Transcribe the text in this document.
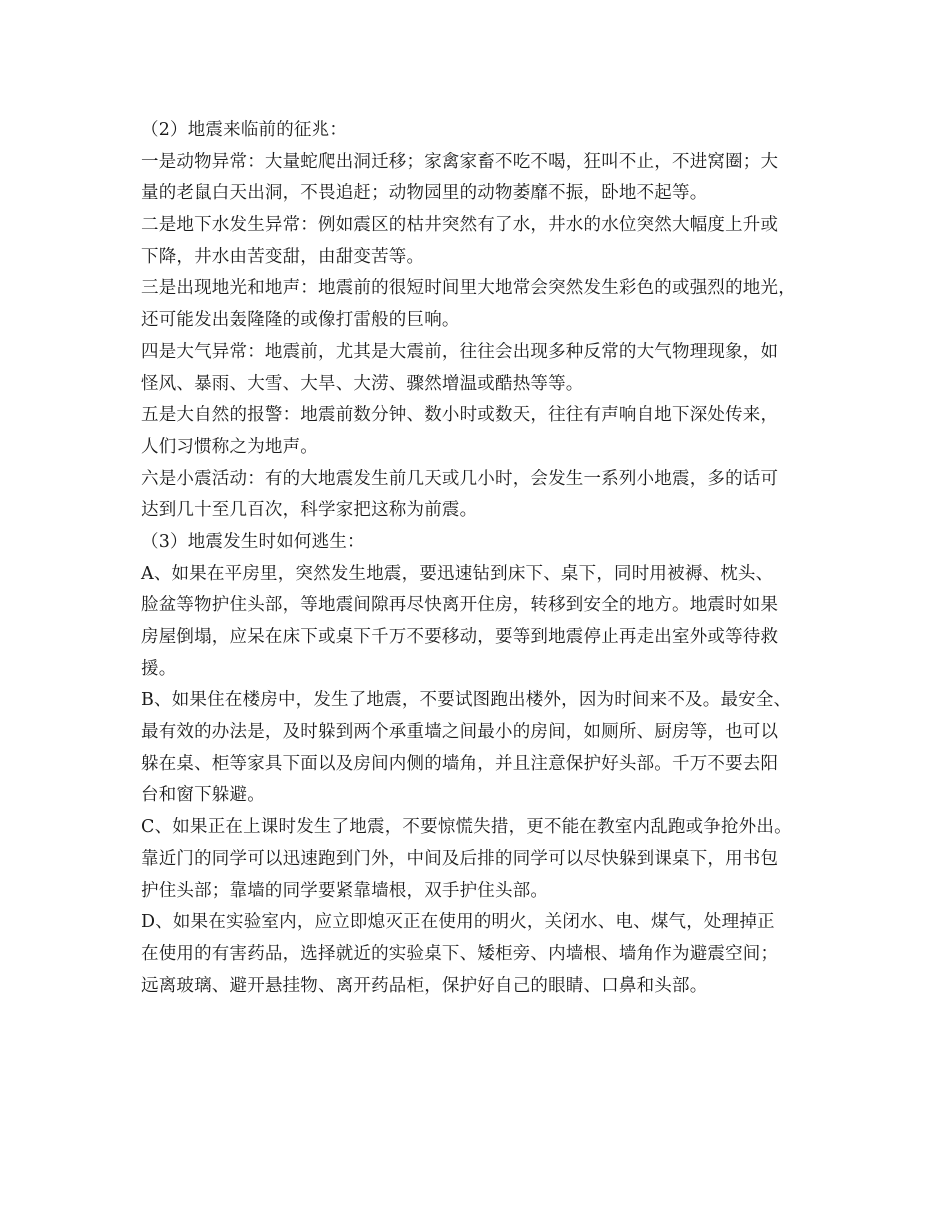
（2）地震来临前的征兆：
一是动物异常：大量蛇爬出洞迁移；家禽家畜不吃不喝，狂叫不止，不进窝圈；大
量的老鼠白天出洞，不畏追赶；动物园里的动物萎靡不振，卧地不起等。
二是地下水发生异常：例如震区的枯井突然有了水，井水的水位突然大幅度上升或
下降，井水由苦变甜，由甜变苦等。
三是出现地光和地声：地震前的很短时间里大地常会突然发生彩色的或强烈的地光，
还可能发出轰隆隆的或像打雷般的巨响。
四是大气异常：地震前，尤其是大震前，往往会出现多种反常的大气物理现象，如
怪风、暴雨、大雪、大旱、大涝、骤然增温或酷热等等。
五是大自然的报警：地震前数分钟、数小时或数天，往往有声响自地下深处传来，
人们习惯称之为地声。
六是小震活动：有的大地震发生前几天或几小时，会发生一系列小地震，多的话可
达到几十至几百次，科学家把这称为前震。
（3）地震发生时如何逃生：
A、如果在平房里，突然发生地震，要迅速钻到床下、桌下，同时用被褥、枕头、
脸盆等物护住头部，等地震间隙再尽快离开住房，转移到安全的地方。地震时如果
房屋倒塌，应呆在床下或桌下千万不要移动，要等到地震停止再走出室外或等待救
援。
B、如果住在楼房中，发生了地震，不要试图跑出楼外，因为时间来不及。最安全、
最有效的办法是，及时躲到两个承重墙之间最小的房间，如厕所、厨房等，也可以
躲在桌、柜等家具下面以及房间内侧的墙角，并且注意保护好头部。千万不要去阳
台和窗下躲避。
C、如果正在上课时发生了地震，不要惊慌失措，更不能在教室内乱跑或争抢外出。
靠近门的同学可以迅速跑到门外，中间及后排的同学可以尽快躲到课桌下，用书包
护住头部；靠墙的同学要紧靠墙根，双手护住头部。
D、如果在实验室内，应立即熄灭正在使用的明火，关闭水、电、煤气，处理掉正
在使用的有害药品，选择就近的实验桌下、矮柜旁、内墙根、墙角作为避震空间；
远离玻璃、避开悬挂物、离开药品柜，保护好自己的眼睛、口鼻和头部。
